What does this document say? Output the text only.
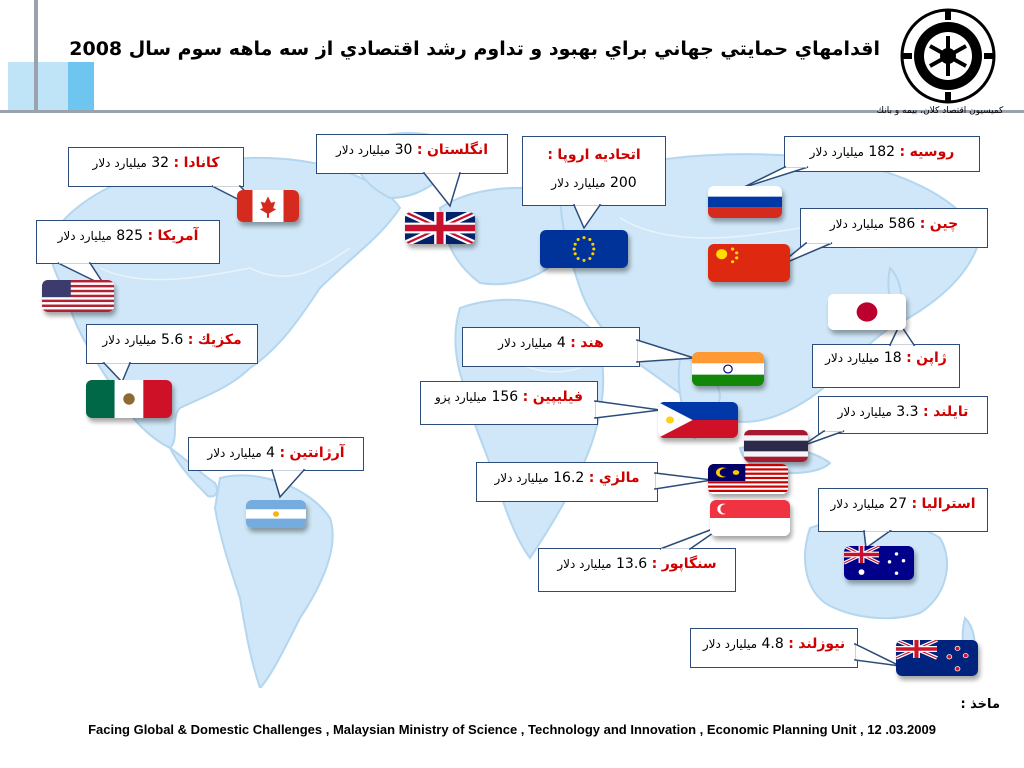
اقدامهاي حمايتي جهاني براي بهبود و تداوم رشد اقتصادي از سه ماهه سوم سال 2008
كميسيون اقتصاد كلان، بيمه و بانك
كانادا : 32 ميليارد دلار
آمريكا : 825 ميليارد دلار
مكزيك : 5.6 ميليارد دلار
آرژانتين : 4 ميليارد دلار
انگلستان : 30 ميليارد دلار	اتحاديه اروپا :
200 ميليارد دلار
روسيه : 182 ميليارد دلار
چين : 586 ميليارد دلار
ژاپن : 18 ميليارد دلار
هند : 4 ميليارد دلار
فيليپين : 156 ميليارد پزو
تايلند : 3.3 ميليارد دلار
مالزي : 16.2 ميليارد دلار
استراليا : 27 ميليارد دلار
سنگاپور : 13.6 ميليارد دلار
نيوزلند : 4.8 ميليارد دلار
ماخذ :
Facing Global & Domestic Challenges , Malaysian Ministry of Science , Technology and Innovation , Economic Planning Unit , 12 .03.2009
